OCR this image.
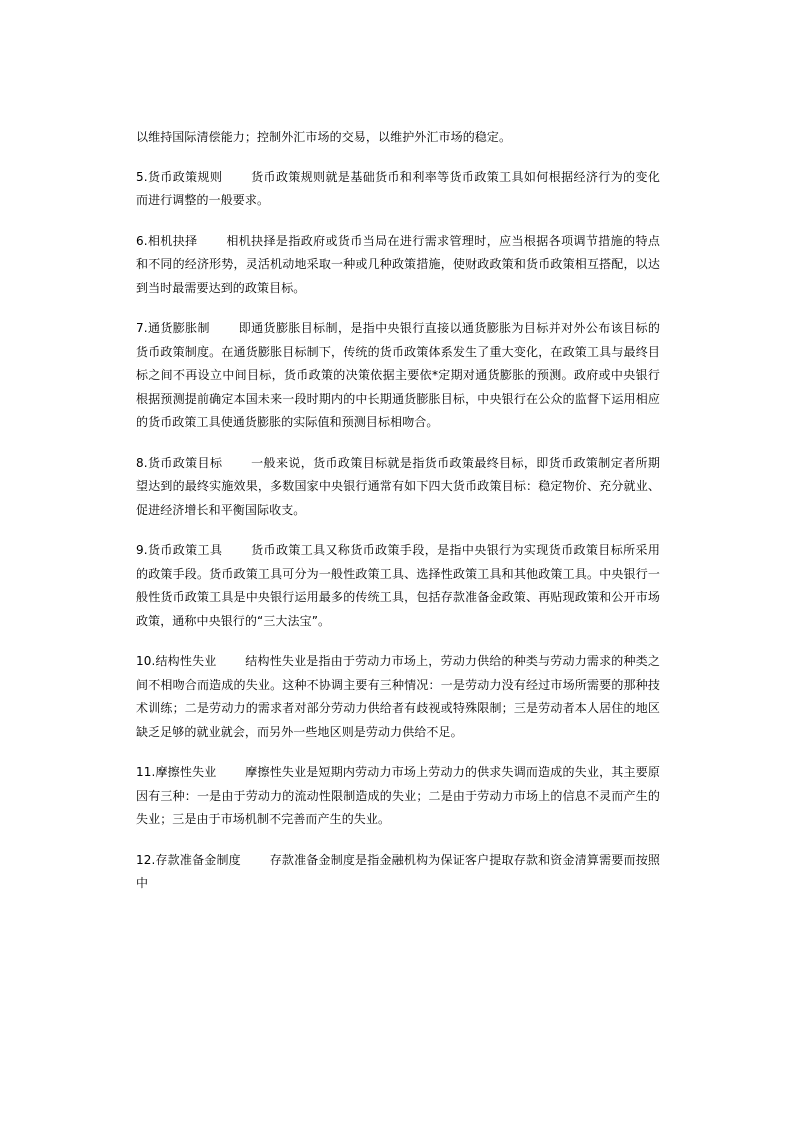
以维持国际清偿能力；控制外汇市场的交易，以维护外汇市场的稳定。

5.货币政策规则 货币政策规则就是基础货币和利率等货币政策工具如何根据经济行为的变化而进行调整的一般要求。

6.相机抉择 相机抉择是指政府或货币当局在进行需求管理时，应当根据各项调节措施的特点和不同的经济形势，灵活机动地采取一种或几种政策措施，使财政政策和货币政策相互搭配，以达到当时最需要达到的政策目标。

7.通货膨胀制 即通货膨胀目标制，是指中央银行直接以通货膨胀为目标并对外公布该目标的货币政策制度。在通货膨胀目标制下，传统的货币政策体系发生了重大变化，在政策工具与最终目标之间不再设立中间目标，货币政策的决策依据主要依*定期对通货膨胀的预测。政府或中央银行根据预测提前确定本国未来一段时期内的中长期通货膨胀目标，中央银行在公众的监督下运用相应的货币政策工具使通货膨胀的实际值和预测目标相吻合。

8.货币政策目标 一般来说，货币政策目标就是指货币政策最终目标，即货币政策制定者所期望达到的最终实施效果，多数国家中央银行通常有如下四大货币政策目标：稳定物价、充分就业、促进经济增长和平衡国际收支。

9.货币政策工具 货币政策工具又称货币政策手段，是指中央银行为实现货币政策目标所采用的政策手段。货币政策工具可分为一般性政策工具、选择性政策工具和其他政策工具。中央银行一般性货币政策工具是中央银行运用最多的传统工具，包括存款准备金政策、再贴现政策和公开市场政策，通称中央银行的“三大法宝”。

10.结构性失业 结构性失业是指由于劳动力市场上，劳动力供给的种类与劳动力需求的种类之间不相吻合而造成的失业。这种不协调主要有三种情况：一是劳动力没有经过市场所需要的那种技术训练；二是劳动力的需求者对部分劳动力供给者有歧视或特殊限制；三是劳动者本人居住的地区缺乏足够的就业就会，而另外一些地区则是劳动力供给不足。

11.摩擦性失业 摩擦性失业是短期内劳动力市场上劳动力的供求失调而造成的失业，其主要原因有三种：一是由于劳动力的流动性限制造成的失业；二是由于劳动力市场上的信息不灵而产生的失业；三是由于市场机制不完善而产生的失业。

12.存款准备金制度 存款准备金制度是指金融机构为保证客户提取存款和资金清算需要而按照中
